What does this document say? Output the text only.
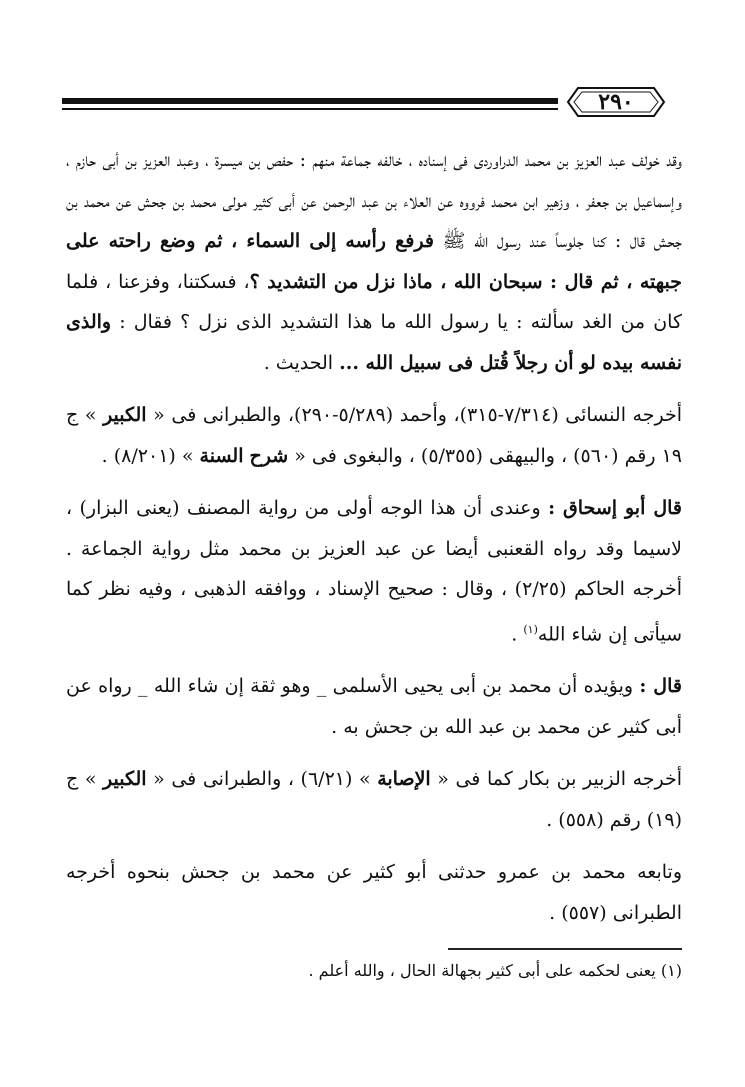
٢٩٠

وقد خولف عبد العزيز بن محمد الدراوردى فى إسناده ، خالفه جماعة منهم : حفص بن ميسرة ، وعبد العزيز بن أبى حازم ، وإسماعيل بن جعفر ، وزهير ابن محمد فرووه عن العلاء بن عبد الرحمن عن أبى كثير مولى محمد بن جحش عن محمد بن جحش قال : كنا جلوساً عند رسول الله ﷺ فرفع رأسه إلى السماء ، ثم وضع راحته على جبهته ، ثم قال : سبحان الله ، ماذا نزل من التشديد ؟، فسكتنا، وفزعنا ، فلما كان من الغد سألته : يا رسول الله ما هذا التشديد الذى نزل ؟ فقال : والذى نفسه بيده لو أن رجلاً قُتل فى سبيل الله ... الحديث .

أخرجه النسائى (٧/٣١٤-٣١٥)، وأحمد (٥/٢٨٩-٢٩٠)، والطبرانى فى « الكبير » ج ١٩ رقم (٥٦٠) ، والبيهقى (٥/٣٥٥) ، والبغوى فى « شرح السنة » (٨/٢٠١) .

قال أبو إسحاق : وعندى أن هذا الوجه أولى من رواية المصنف (يعنى البزار) ، لاسيما وقد رواه القعنبى أيضا عن عبد العزيز بن محمد مثل رواية الجماعة . أخرجه الحاكم (٢/٢٥) ، وقال : صحيح الإسناد ، ووافقه الذهبى ، وفيه نظر كما سيأتى إن شاء الله$^{(١)}$ .

قال : ويؤيده أن محمد بن أبى يحيى الأسلمى _ وهو ثقة إن شاء الله _ رواه عن أبى كثير عن محمد بن عبد الله بن جحش به .

أخرجه الزبير بن بكار كما فى « الإصابة » (٦/٢١) ، والطبرانى فى « الكبير » ج (١٩) رقم (٥٥٨) .

وتابعه محمد بن عمرو حدثنى أبو كثير عن محمد بن جحش بنحوه أخرجه الطبرانى (٥٥٧) .

(١) يعنى لحكمه على أبى كثير بجهالة الحال ، والله أعلم .
